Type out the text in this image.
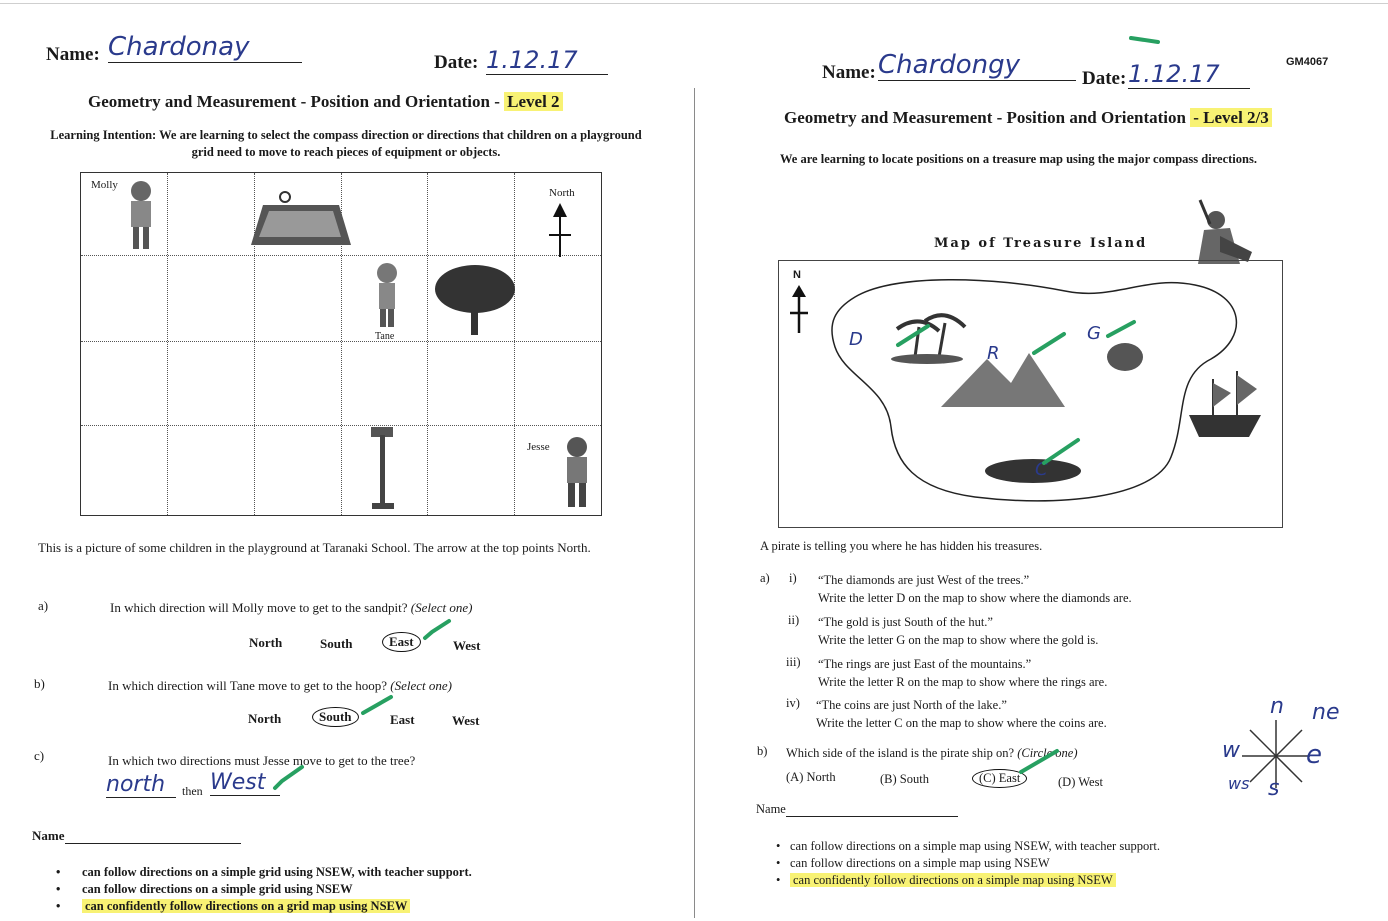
Name: Chardonay
Date: 1.12.17
Geometry and Measurement - Position and Orientation - Level 2
Learning Intention: We are learning to select the compass direction or directions that children on a playground grid need to move to reach pieces of equipment or objects.
Molly
North
Tane
Jesse
This is a picture of some children in the playground at Taranaki School. The arrow at the top points North.
a)	In which direction will Molly move to get to the sandpit? (Select one)
North	South	East	West
b)	In which direction will Tane move to get to the hoop? (Select one)
North	South	East	West
c)	In which two directions must Jesse move to get to the tree?
north	then West
Name
• can follow directions on a simple grid using NSEW, with teacher support.
• can follow directions on a simple grid using NSEW
• can confidently follow directions on a grid map using NSEW
GM4067
Name: Chardongy	Date: 1.12.17
Geometry and Measurement - Position and Orientation - Level 2/3
We are learning to locate positions on a treasure map using the major compass directions.
Map of Treasure Island
N
D	G
R
C
A pirate is telling you where he has hidden his treasures.
a) i) “The diamonds are just West of the trees.”
Write the letter D on the map to show where the diamonds are.
ii) “The gold is just South of the hut.”
Write the letter G on the map to show where the gold is.
iii) “The rings are just East of the mountains.”
Write the letter R on the map to show where the rings are.
iv) “The coins are just North of the lake.”
Write the letter C on the map to show where the coins are.
b) Which side of the island is the pirate ship on? (Circle one)
(A) North	(B) South	(C) East	(D) West
n ne
e
s
w
ws
Name
• can follow directions on a simple map using NSEW, with teacher support.
• can follow directions on a simple map using NSEW
• can confidently follow directions on a simple map using NSEW
